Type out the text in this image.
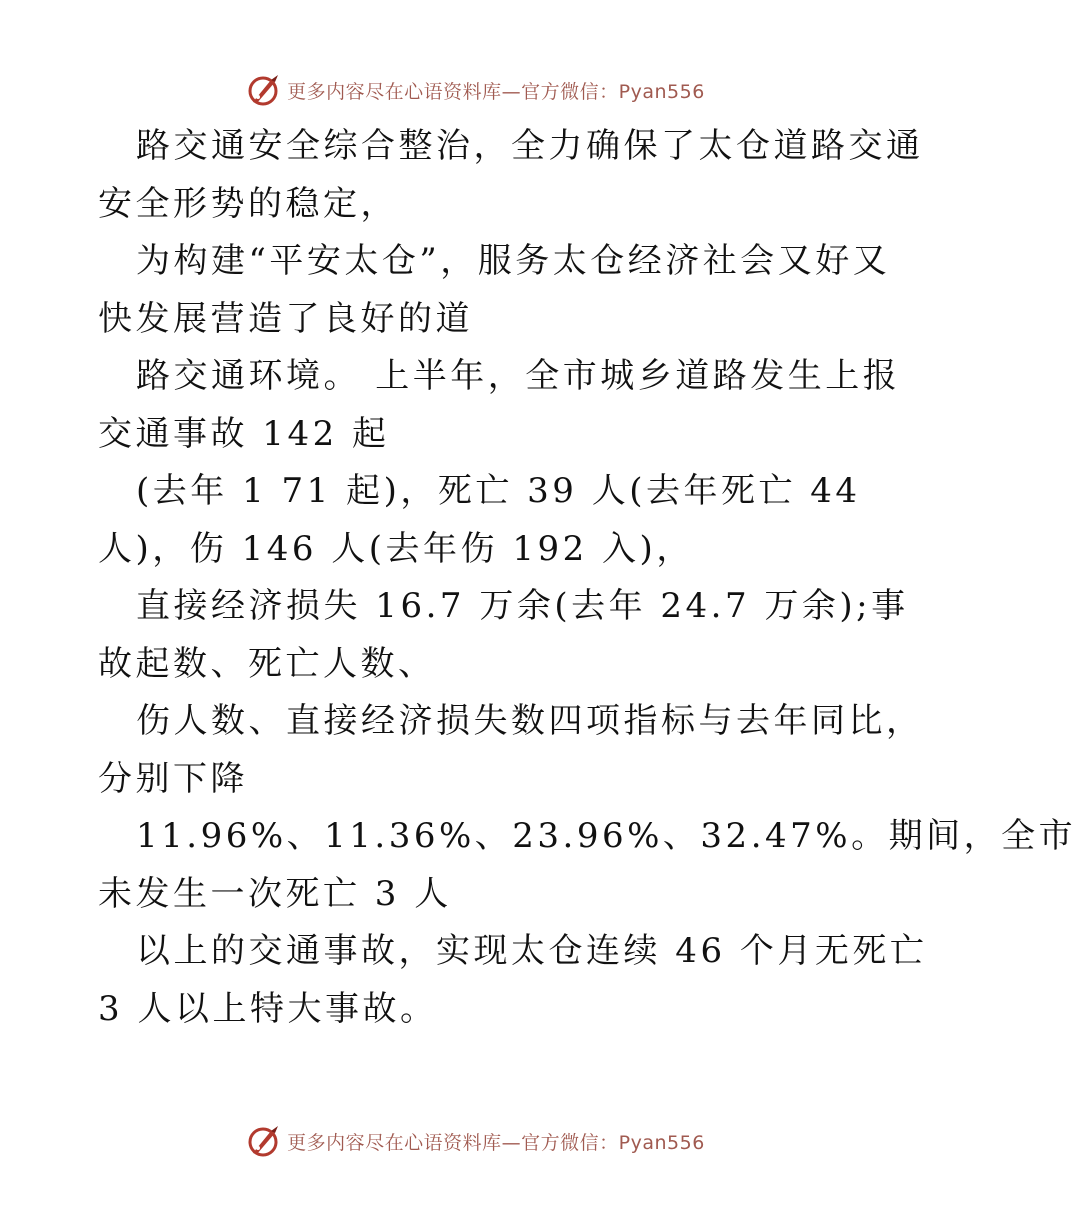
更多内容尽在心语资料库—官方微信：Pyan556
路交通安全综合整治，全力确保了太仓道路交通
安全形势的稳定，
为构建“平安太仓”，服务太仓经济社会又好又
快发展营造了良好的道
路交通环境。 上半年，全市城乡道路发生上报
交通事故 142 起
(去年 1 71 起)，死亡 39 人(去年死亡 44
人)，伤 146 人(去年伤 192 入)，
直接经济损失 16.7 万余(去年 24.7 万余);事
故起数、死亡人数、
伤人数、直接经济损失数四项指标与去年同比，
分别下降
11.96%、11.36%、23.96%、32.47%。期间，全市
未发生一次死亡 3 人
以上的交通事故，实现太仓连续 46 个月无死亡
3 人以上特大事故。
更多内容尽在心语资料库—官方微信：Pyan556
